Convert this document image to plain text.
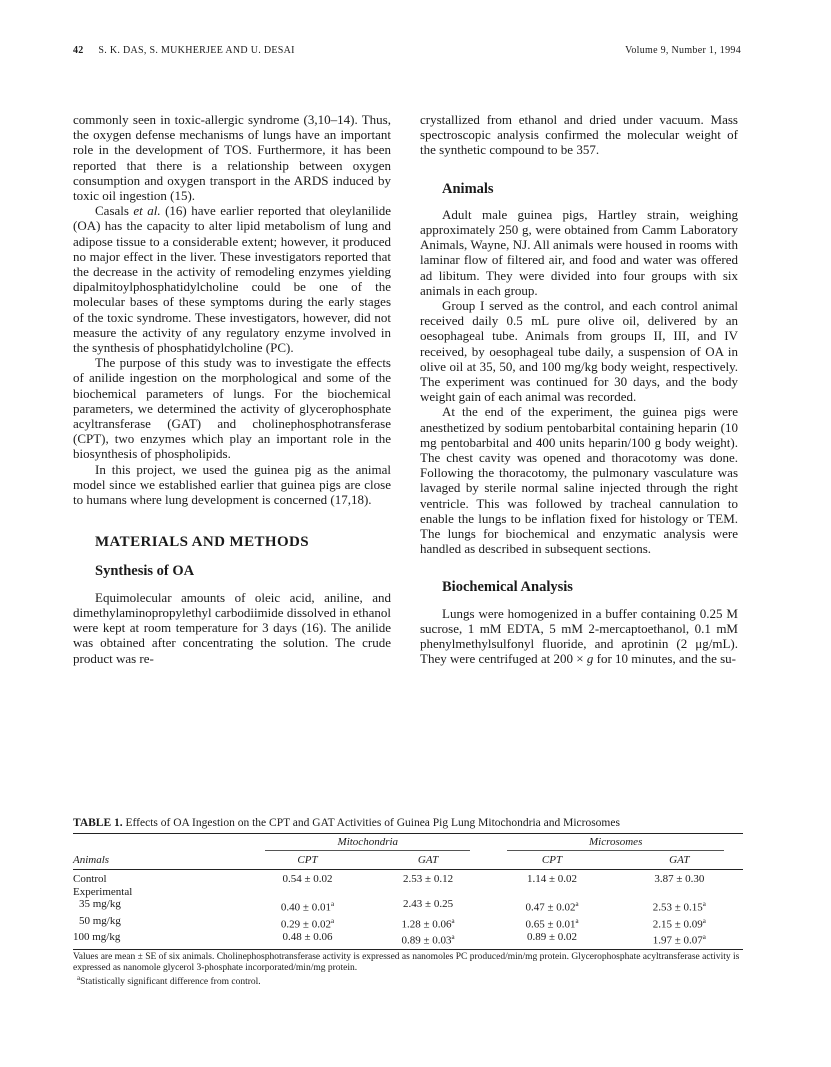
42 S. K. DAS, S. MUKHERJEE AND U. DESAI	Volume 9, Number 1, 1994

commonly seen in toxic-allergic syndrome (3,10–14). Thus, the oxygen defense mechanisms of lungs have an important role in the development of TOS. Furthermore, it has been reported that there is a relationship between oxygen consumption and oxygen transport in the ARDS induced by toxic oil ingestion (15).

Casals et al. (16) have earlier reported that oleylanilide (OA) has the capacity to alter lipid metabolism of lung and adipose tissue to a considerable extent; however, it produced no major effect in the liver. These investigators reported that the decrease in the activity of remodeling enzymes yielding dipalmitoylphosphatidylcholine could be one of the molecular bases of these symptoms during the early stages of the toxic syndrome. These investigators, however, did not measure the activity of any regulatory enzyme involved in the synthesis of phosphatidylcholine (PC).

The purpose of this study was to investigate the effects of anilide ingestion on the morphological and some of the biochemical parameters of lungs. For the biochemical parameters, we determined the activity of glycerophosphate acyltransferase (GAT) and cholinephosphotransferase (CPT), two enzymes which play an important role in the biosynthesis of phospholipids.

In this project, we used the guinea pig as the animal model since we established earlier that guinea pigs are close to humans where lung development is concerned (17,18).

MATERIALS AND METHODS
Synthesis of OA

Equimolecular amounts of oleic acid, aniline, and dimethylaminopropylethyl carbodiimide dissolved in ethanol were kept at room temperature for 3 days (16). The anilide was obtained after concentrating the solution. The crude product was re-

crystallized from ethanol and dried under vacuum. Mass spectroscopic analysis confirmed the molecular weight of the synthetic compound to be 357.

Animals

Adult male guinea pigs, Hartley strain, weighing approximately 250 g, were obtained from Camm Laboratory Animals, Wayne, NJ. All animals were housed in rooms with laminar flow of filtered air, and food and water was offered ad libitum. They were divided into four groups with six animals in each group.

Group I served as the control, and each control animal received daily 0.5 mL pure olive oil, delivered by an oesophageal tube. Animals from groups II, III, and IV received, by oesophageal tube daily, a suspension of OA in olive oil at 35, 50, and 100 mg/kg body weight, respectively. The experiment was continued for 30 days, and the body weight gain of each animal was recorded.

At the end of the experiment, the guinea pigs were anesthetized by sodium pentobarbital containing heparin (10 mg pentobarbital and 400 units heparin/100 g body weight). The chest cavity was opened and thoracotomy was done. Following the thoracotomy, the pulmonary vasculature was lavaged by sterile normal saline injected through the right ventricle. This was followed by tracheal cannulation to enable the lungs to be inflation fixed for histology or TEM. The lungs for biochemical and enzymatic analysis were handled as described in subsequent sections.

Biochemical Analysis

Lungs were homogenized in a buffer containing 0.25 M sucrose, 1 mM EDTA, 5 mM 2-mercaptoethanol, 0.1 mM phenylmethylsulfonyl fluoride, and aprotinin (2 μg/mL). They were centrifuged at 200 × g for 10 minutes, and the su-

TABLE 1. Effects of OA Ingestion on the CPT and GAT Activities of Guinea Pig Lung Mitochondria and Microsomes
	Mitochondria		Microsomes	
Animals	CPT	GAT	CPT	GAT
Control	0.54 ± 0.02	2.53 ± 0.12	1.14 ± 0.02	3.87 ± 0.30
Experimental				
35 mg/kg	0.40 ± 0.01$^a$	2.43 ± 0.25	0.47 ± 0.02$^a$	2.53 ± 0.15$^a$
50 mg/kg	0.29 ± 0.02$^a$	1.28 ± 0.06$^a$	0.65 ± 0.01$^a$	2.15 ± 0.09$^a$
100 mg/kg	0.48 ± 0.06	0.89 ± 0.03$^a$	0.89 ± 0.02	1.97 ± 0.07$^a$
Values are mean ± SE of six animals. Cholinephosphotransferase activity is expressed as nanomoles PC produced/min/mg protein. Glycerophosphate acyltransferase activity is expressed as nanomole glycerol 3-phosphate incorporated/min/mg protein.
$^a$Statistically significant difference from control.
